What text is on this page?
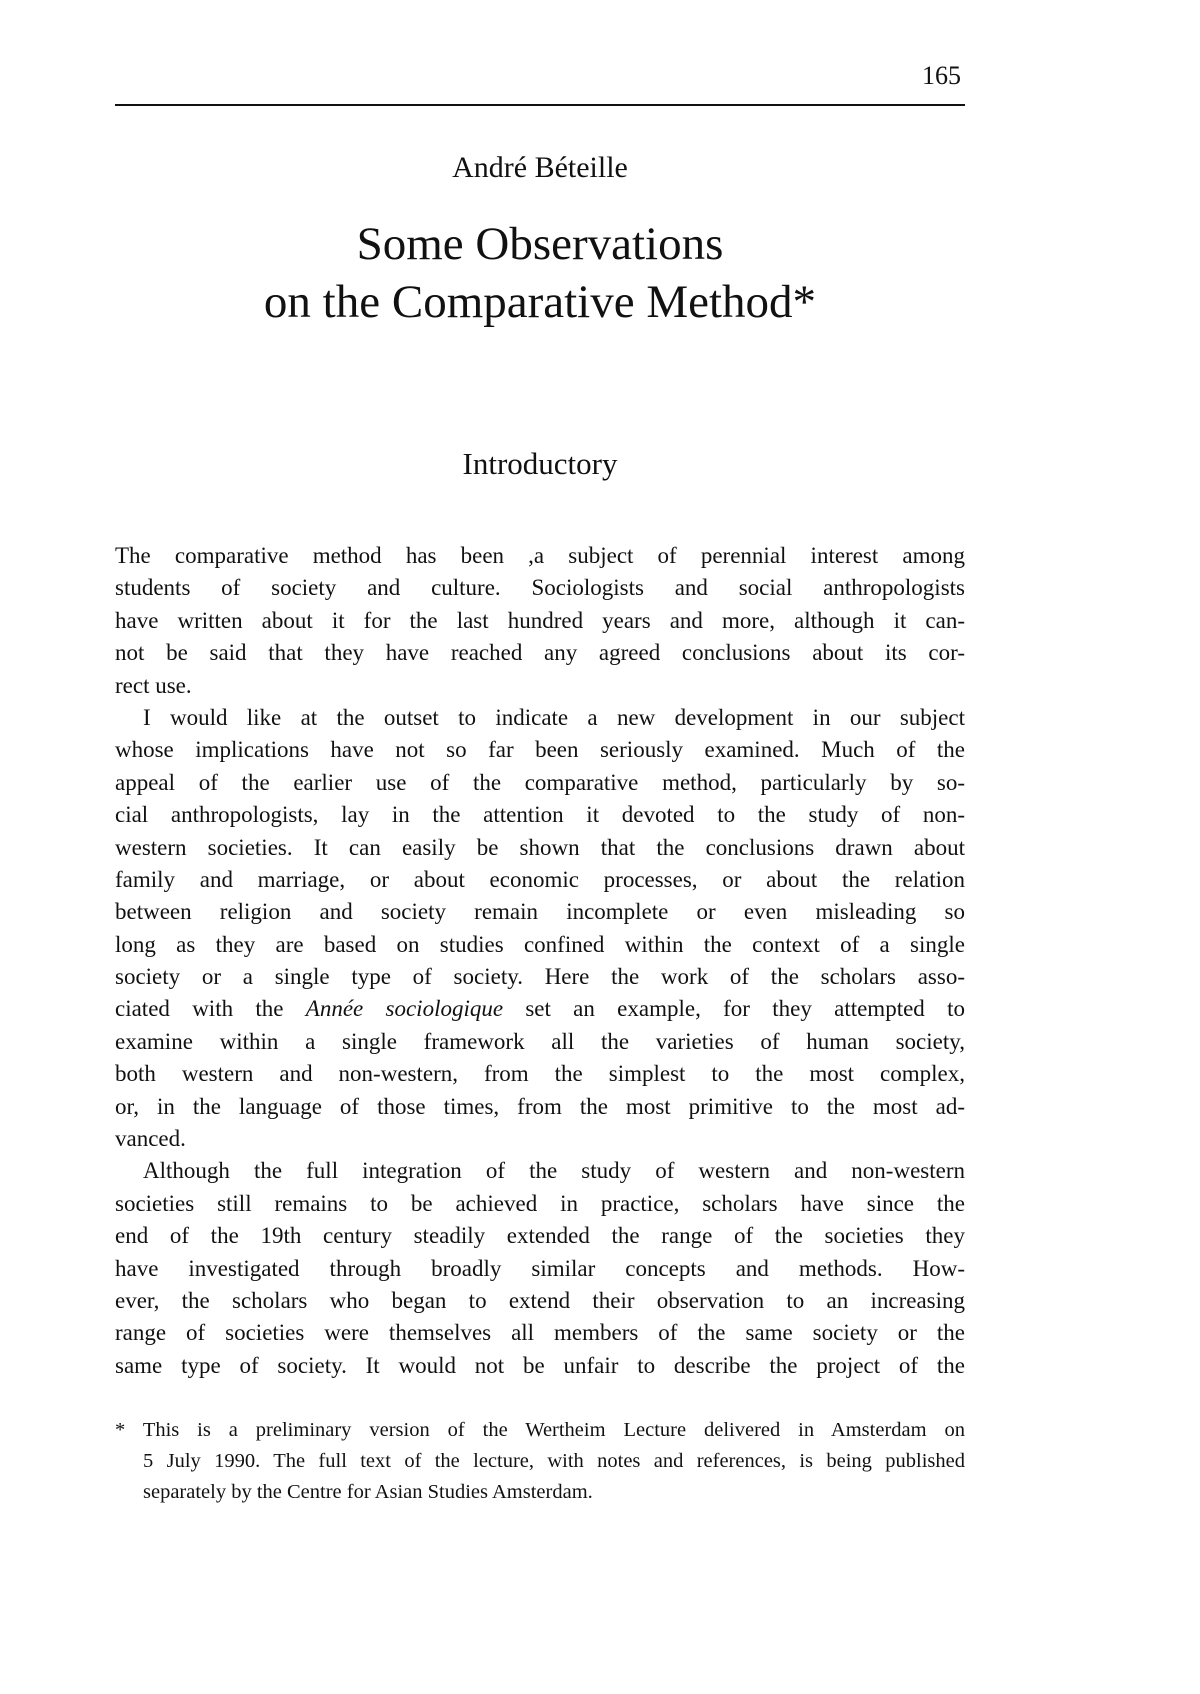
165
André Béteille
Some Observations
on the Comparative Method*
Introductory
The comparative method has been ,a subject of perennial interest among
students of society and culture. Sociologists and social anthropologists
have written about it for the last hundred years and more, although it can-
not be said that they have reached any agreed conclusions about its cor-
rect use.
I would like at the outset to indicate a new development in our subject
whose implications have not so far been seriously examined. Much of the
appeal of the earlier use of the comparative method, particularly by so-
cial anthropologists, lay in the attention it devoted to the study of non-
western societies. It can easily be shown that the conclusions drawn about
family and marriage, or about economic processes, or about the relation
between religion and society remain incomplete or even misleading so
long as they are based on studies confined within the context of a single
society or a single type of society. Here the work of the scholars asso-
ciated with the Année sociologique set an example, for they attempted to
examine within a single framework all the varieties of human society,
both western and non-western, from the simplest to the most complex,
or, in the language of those times, from the most primitive to the most ad-
vanced.
Although the full integration of the study of western and non-western
societies still remains to be achieved in practice, scholars have since the
end of the 19th century steadily extended the range of the societies they
have investigated through broadly similar concepts and methods. How-
ever, the scholars who began to extend their observation to an increasing
range of societies were themselves all members of the same society or the
same type of society. It would not be unfair to describe the project of the
* This is a preliminary version of the Wertheim Lecture delivered in Amsterdam on
5 July 1990. The full text of the lecture, with notes and references, is being published
separately by the Centre for Asian Studies Amsterdam.
